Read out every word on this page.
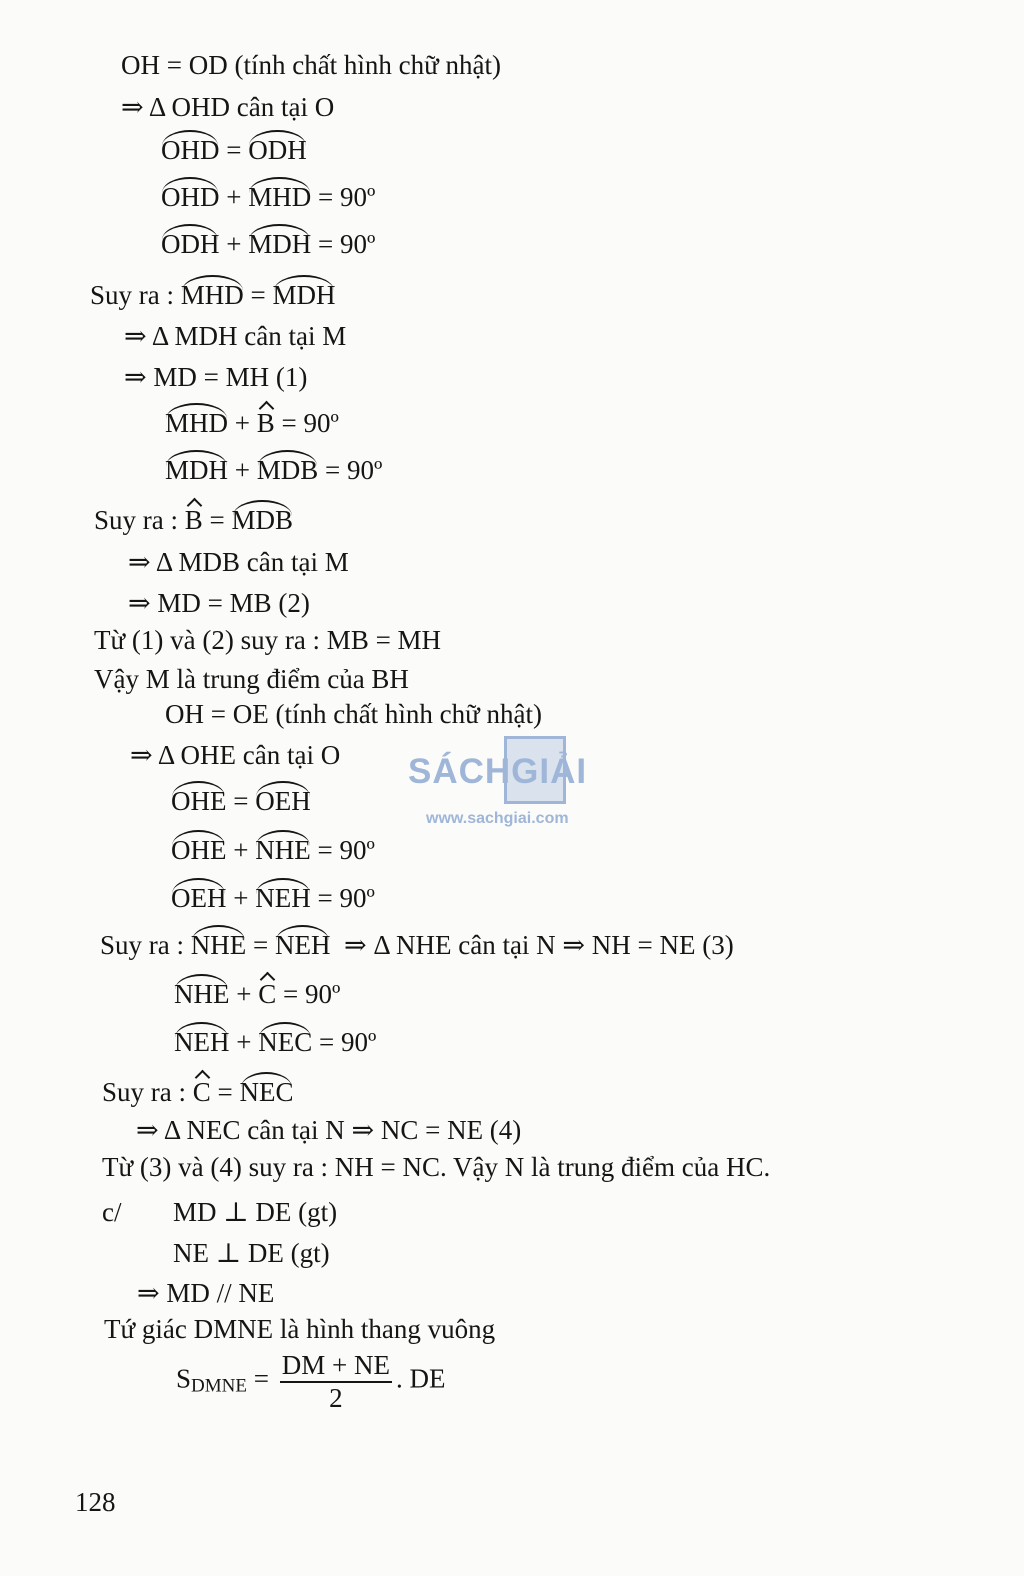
OH = OD (tính chất hình chữ nhật)
⇒ Δ OHD cân tại O
OHD = ODH
OHD + MHD = 90º
ODH + MDH = 90º
Suy ra : MHD = MDH
⇒ Δ MDH cân tại M
⇒ MD = MH (1)
MHD + B = 90º
MDH + MDB = 90º
Suy ra : B = MDB
⇒ Δ MDB cân tại M
⇒ MD = MB (2)
Từ (1) và (2) suy ra : MB = MH
Vậy M là trung điểm của BH
OH = OE (tính chất hình chữ nhật)
⇒ Δ OHE cân tại O
OHE = OEH
OHE + NHE = 90º
OEH + NEH = 90º
Suy ra : NHE = NEH ⇒ Δ NHE cân tại N ⇒ NH = NE (3)
NHE + C = 90º
NEH + NEC = 90º
Suy ra : C = NEC
⇒ Δ NEC cân tại N ⇒ NC = NE (4)
Từ (3) và (4) suy ra : NH = NC. Vậy N là trung điểm của HC.
c/ MD ⊥ DE (gt)
NE ⊥ DE (gt)
⇒ MD // NE
Tứ giác DMNE là hình thang vuông
$S_{DMNE} = \frac{DM + NE}{2}$ . DE
SÁCHGIẢI
www.sachgiai.com
128
